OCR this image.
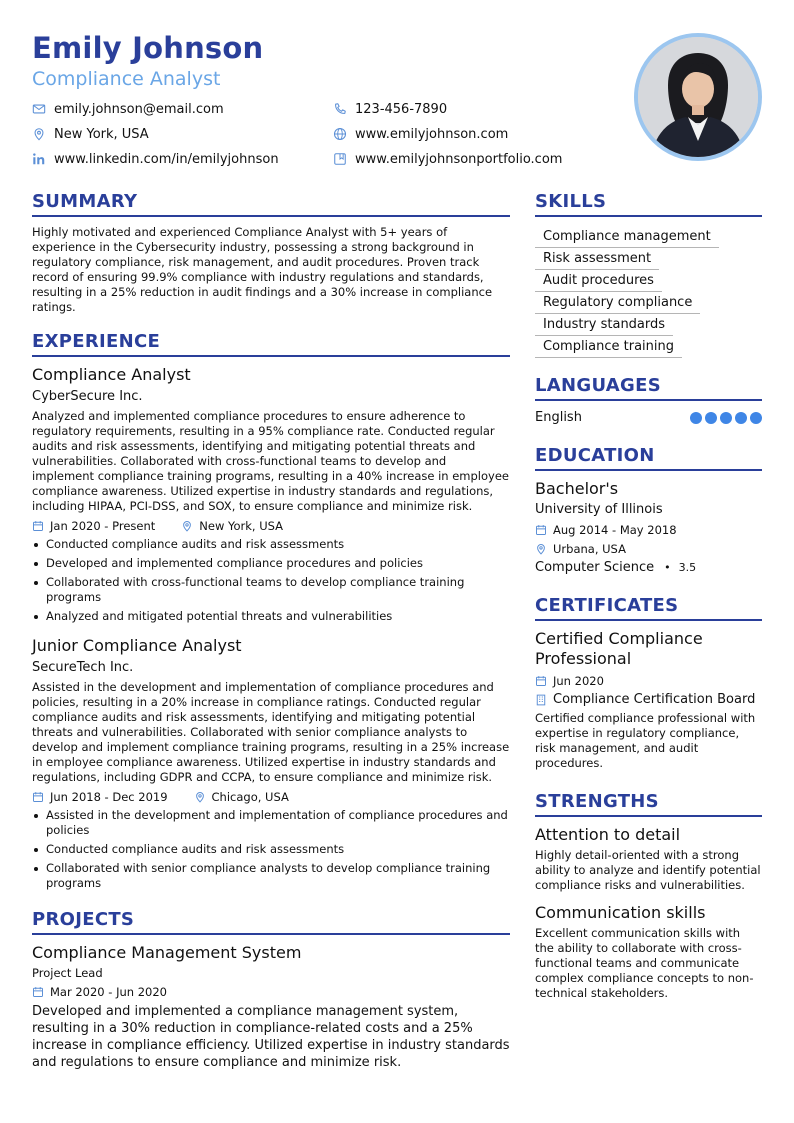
Emily Johnson
Compliance Analyst
emily.johnson@email.com	123-456-7890
New York, USA	www.emilyjohnson.com
www.linkedin.com/in/emilyjohnson	www.emilyjohnsonportfolio.com
SUMMARY
Highly motivated and experienced Compliance Analyst with 5+ years of experience in the Cybersecurity industry, possessing a strong background in regulatory compliance, risk management, and audit procedures. Proven track record of ensuring 99.9% compliance with industry regulations and standards, resulting in a 25% reduction in audit findings and a 30% increase in compliance ratings.
EXPERIENCE
Compliance Analyst
CyberSecure Inc.
Analyzed and implemented compliance procedures to ensure adherence to regulatory requirements, resulting in a 95% compliance rate. Conducted regular audits and risk assessments, identifying and mitigating potential threats and vulnerabilities. Collaborated with cross-functional teams to develop and implement compliance training programs, resulting in a 40% increase in employee compliance awareness. Utilized expertise in industry standards and regulations, including HIPAA, PCI-DSS, and SOX, to ensure compliance and minimize risk.
Jan 2020 - Present	New York, USA
Conducted compliance audits and risk assessments
Developed and implemented compliance procedures and policies
Collaborated with cross-functional teams to develop compliance training programs
Analyzed and mitigated potential threats and vulnerabilities
Junior Compliance Analyst
SecureTech Inc.
Assisted in the development and implementation of compliance procedures and policies, resulting in a 20% increase in compliance ratings. Conducted regular compliance audits and risk assessments, identifying and mitigating potential threats and vulnerabilities. Collaborated with senior compliance analysts to develop and implement compliance training programs, resulting in a 25% increase in employee compliance awareness. Utilized expertise in industry standards and regulations, including GDPR and CCPA, to ensure compliance and minimize risk.
Jun 2018 - Dec 2019	Chicago, USA
Assisted in the development and implementation of compliance procedures and policies
Conducted compliance audits and risk assessments
Collaborated with senior compliance analysts to develop compliance training programs
PROJECTS
Compliance Management System
Project Lead
Mar 2020 - Jun 2020
Developed and implemented a compliance management system, resulting in a 30% reduction in compliance-related costs and a 25% increase in compliance efficiency. Utilized expertise in industry standards and regulations to ensure compliance and minimize risk.
SKILLS
Compliance management
Risk assessment
Audit procedures
Regulatory compliance
Industry standards
Compliance training
LANGUAGES
English
EDUCATION
Bachelor's
University of Illinois
Aug 2014 - May 2018
Urbana, USA
Computer Science • 3.5
CERTIFICATES
Certified Compliance Professional
Jun 2020
Compliance Certification Board
Certified compliance professional with expertise in regulatory compliance, risk management, and audit procedures.
STRENGTHS
Attention to detail
Highly detail-oriented with a strong ability to analyze and identify potential compliance risks and vulnerabilities.
Communication skills
Excellent communication skills with the ability to collaborate with cross-functional teams and communicate complex compliance concepts to non-technical stakeholders.
